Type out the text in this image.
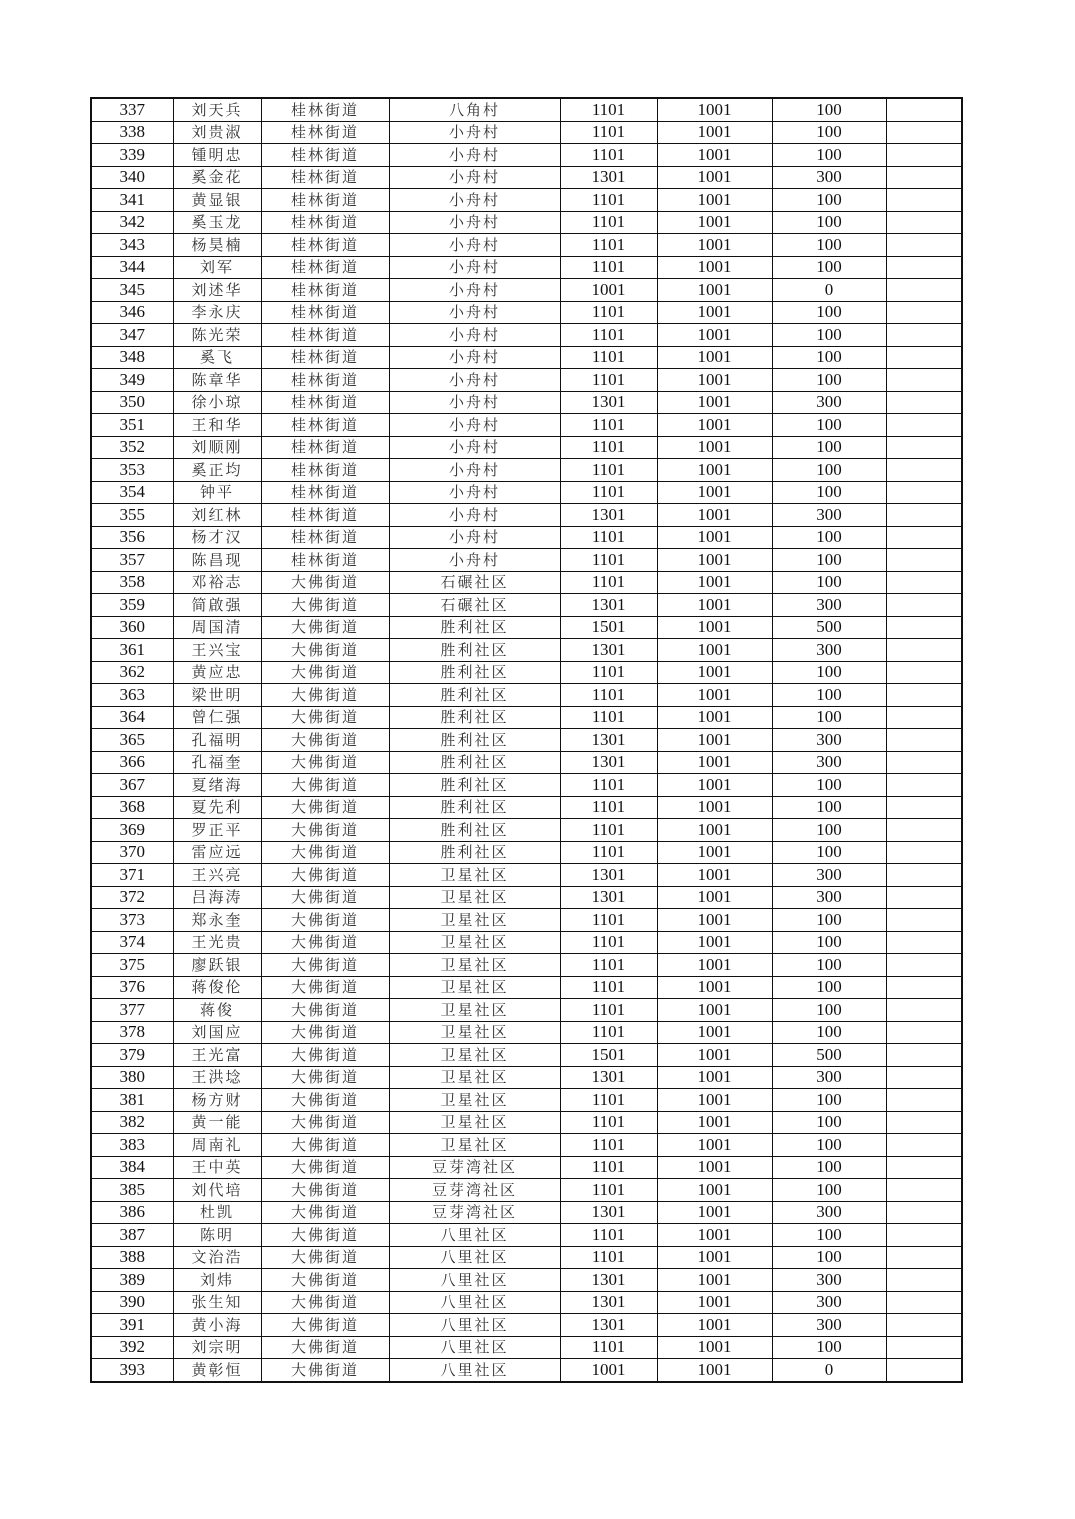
337	刘天兵	桂林街道	八角村	1101	1001	100	
338	刘贵淑	桂林街道	小舟村	1101	1001	100	
339	锺明忠	桂林街道	小舟村	1101	1001	100	
340	奚金花	桂林街道	小舟村	1301	1001	300	
341	黄显银	桂林街道	小舟村	1101	1001	100	
342	奚玉龙	桂林街道	小舟村	1101	1001	100	
343	杨昊楠	桂林街道	小舟村	1101	1001	100	
344	刘军	桂林街道	小舟村	1101	1001	100	
345	刘述华	桂林街道	小舟村	1001	1001	0	
346	李永庆	桂林街道	小舟村	1101	1001	100	
347	陈光荣	桂林街道	小舟村	1101	1001	100	
348	奚飞	桂林街道	小舟村	1101	1001	100	
349	陈章华	桂林街道	小舟村	1101	1001	100	
350	徐小琼	桂林街道	小舟村	1301	1001	300	
351	王和华	桂林街道	小舟村	1101	1001	100	
352	刘顺刚	桂林街道	小舟村	1101	1001	100	
353	奚正均	桂林街道	小舟村	1101	1001	100	
354	钟平	桂林街道	小舟村	1101	1001	100	
355	刘红林	桂林街道	小舟村	1301	1001	300	
356	杨才汉	桂林街道	小舟村	1101	1001	100	
357	陈昌现	桂林街道	小舟村	1101	1001	100	
358	邓裕志	大佛街道	石碾社区	1101	1001	100	
359	简啟强	大佛街道	石碾社区	1301	1001	300	
360	周国清	大佛街道	胜利社区	1501	1001	500	
361	王兴宝	大佛街道	胜利社区	1301	1001	300	
362	黄应忠	大佛街道	胜利社区	1101	1001	100	
363	梁世明	大佛街道	胜利社区	1101	1001	100	
364	曾仁强	大佛街道	胜利社区	1101	1001	100	
365	孔福明	大佛街道	胜利社区	1301	1001	300	
366	孔福奎	大佛街道	胜利社区	1301	1001	300	
367	夏绪海	大佛街道	胜利社区	1101	1001	100	
368	夏先利	大佛街道	胜利社区	1101	1001	100	
369	罗正平	大佛街道	胜利社区	1101	1001	100	
370	雷应远	大佛街道	胜利社区	1101	1001	100	
371	王兴亮	大佛街道	卫星社区	1301	1001	300	
372	吕海涛	大佛街道	卫星社区	1301	1001	300	
373	郑永奎	大佛街道	卫星社区	1101	1001	100	
374	王光贵	大佛街道	卫星社区	1101	1001	100	
375	廖跃银	大佛街道	卫星社区	1101	1001	100	
376	蒋俊伦	大佛街道	卫星社区	1101	1001	100	
377	蒋俊	大佛街道	卫星社区	1101	1001	100	
378	刘国应	大佛街道	卫星社区	1101	1001	100	
379	王光富	大佛街道	卫星社区	1501	1001	500	
380	王洪埝	大佛街道	卫星社区	1301	1001	300	
381	杨方财	大佛街道	卫星社区	1101	1001	100	
382	黄一能	大佛街道	卫星社区	1101	1001	100	
383	周南礼	大佛街道	卫星社区	1101	1001	100	
384	王中英	大佛街道	豆芽湾社区	1101	1001	100	
385	刘代培	大佛街道	豆芽湾社区	1101	1001	100	
386	杜凯	大佛街道	豆芽湾社区	1301	1001	300	
387	陈明	大佛街道	八里社区	1101	1001	100	
388	文治浩	大佛街道	八里社区	1101	1001	100	
389	刘炜	大佛街道	八里社区	1301	1001	300	
390	张生知	大佛街道	八里社区	1301	1001	300	
391	黄小海	大佛街道	八里社区	1301	1001	300	
392	刘宗明	大佛街道	八里社区	1101	1001	100	
393	黄彰恒	大佛街道	八里社区	1001	1001	0	
